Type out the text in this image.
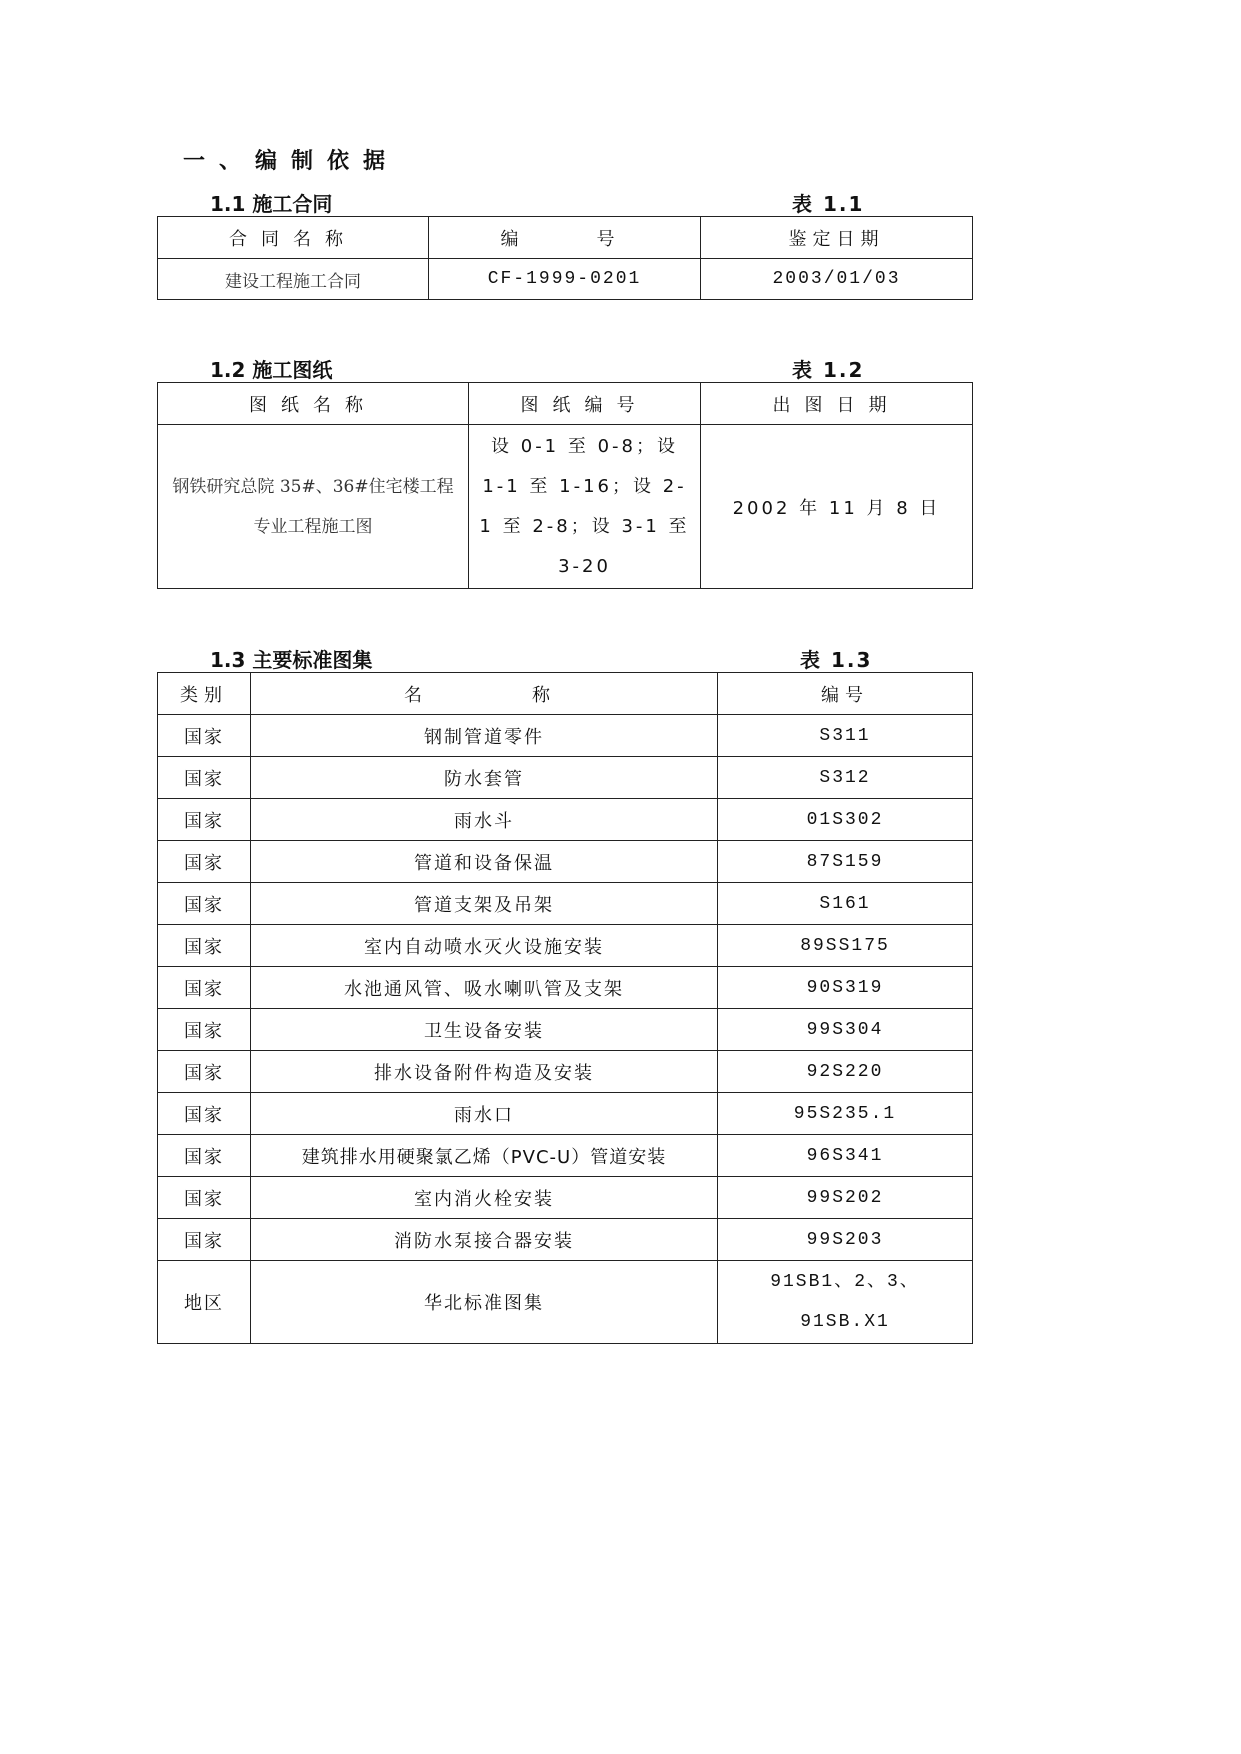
一、编制依据
1.1 施工合同	表 1.1
合同名称	编　　号	鉴定日期
建设工程施工合同	CF-1999-0201	2003/01/03
1.2 施工图纸	表 1.2
图纸名称	图纸编号	出图日期
钢铁研究总院 35#、36#住宅楼工程专业工程施工图	设 0-1 至 0-8；设 1-1 至 1-16；设 2-1 至 2-8；设 3-1 至 3-20	2002 年 11 月 8 日
1.3 主要标准图集	表 1.3
类别	名　　　称	编号
国家	钢制管道零件	S311
国家	防水套管	S312
国家	雨水斗	01S302
国家	管道和设备保温	87S159
国家	管道支架及吊架	S161
国家	室内自动喷水灭火设施安装	89SS175
国家	水池通风管、吸水喇叭管及支架	90S319
国家	卫生设备安装	99S304
国家	排水设备附件构造及安装	92S220
国家	雨水口	95S235.1
国家	建筑排水用硬聚氯乙烯（PVC-U）管道安装	96S341
国家	室内消火栓安装	99S202
国家	消防水泵接合器安装	99S203
地区	华北标准图集	91SB1、2、3、91SB.X1
